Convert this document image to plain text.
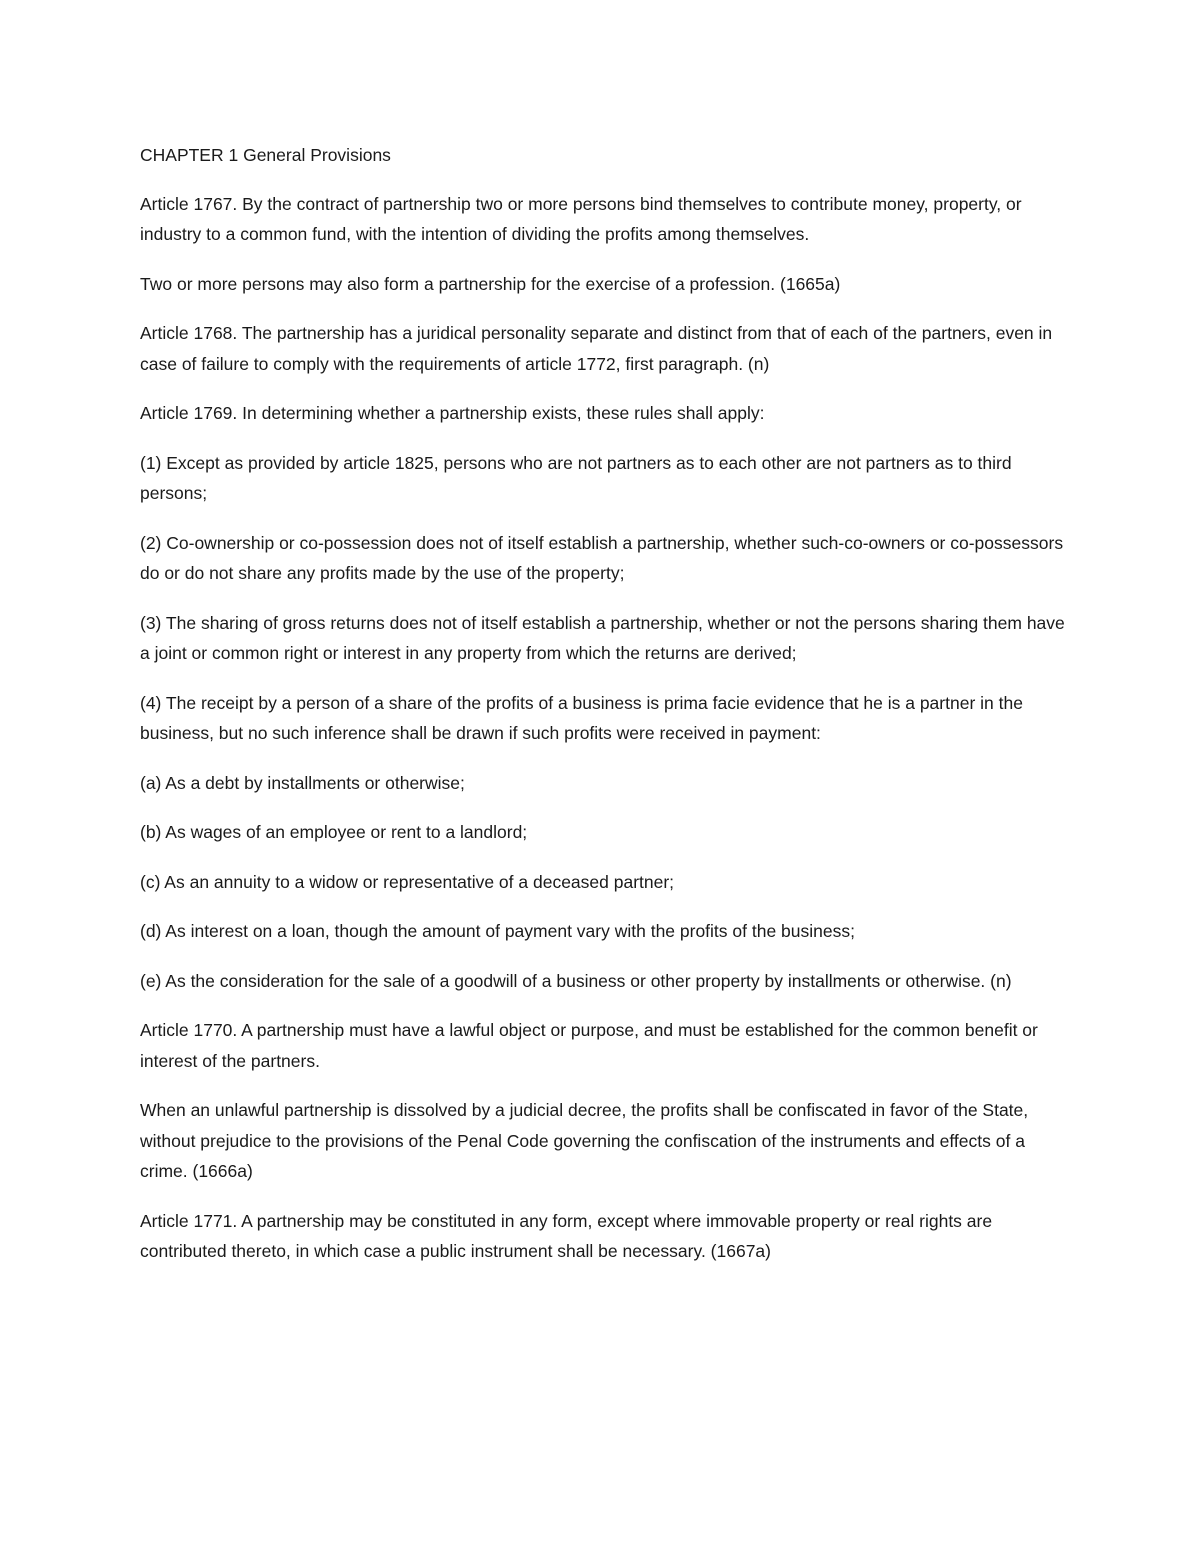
CHAPTER 1 General Provisions

Article 1767. By the contract of partnership two or more persons bind themselves to contribute money, property, or industry to a common fund, with the intention of dividing the profits among themselves.

Two or more persons may also form a partnership for the exercise of a profession. (1665a)

Article 1768. The partnership has a juridical personality separate and distinct from that of each of the partners, even in case of failure to comply with the requirements of article 1772, first paragraph. (n)

Article 1769. In determining whether a partnership exists, these rules shall apply:

(1) Except as provided by article 1825, persons who are not partners as to each other are not partners as to third persons;

(2) Co-ownership or co-possession does not of itself establish a partnership, whether such-co-owners or co-possessors do or do not share any profits made by the use of the property;

(3) The sharing of gross returns does not of itself establish a partnership, whether or not the persons sharing them have a joint or common right or interest in any property from which the returns are derived;

(4) The receipt by a person of a share of the profits of a business is prima facie evidence that he is a partner in the business, but no such inference shall be drawn if such profits were received in payment:

(a) As a debt by installments or otherwise;

(b) As wages of an employee or rent to a landlord;

(c) As an annuity to a widow or representative of a deceased partner;

(d) As interest on a loan, though the amount of payment vary with the profits of the business;

(e) As the consideration for the sale of a goodwill of a business or other property by installments or otherwise. (n)

Article 1770. A partnership must have a lawful object or purpose, and must be established for the common benefit or interest of the partners.

When an unlawful partnership is dissolved by a judicial decree, the profits shall be confiscated in favor of the State, without prejudice to the provisions of the Penal Code governing the confiscation of the instruments and effects of a crime. (1666a)

Article 1771. A partnership may be constituted in any form, except where immovable property or real rights are contributed thereto, in which case a public instrument shall be necessary. (1667a)
